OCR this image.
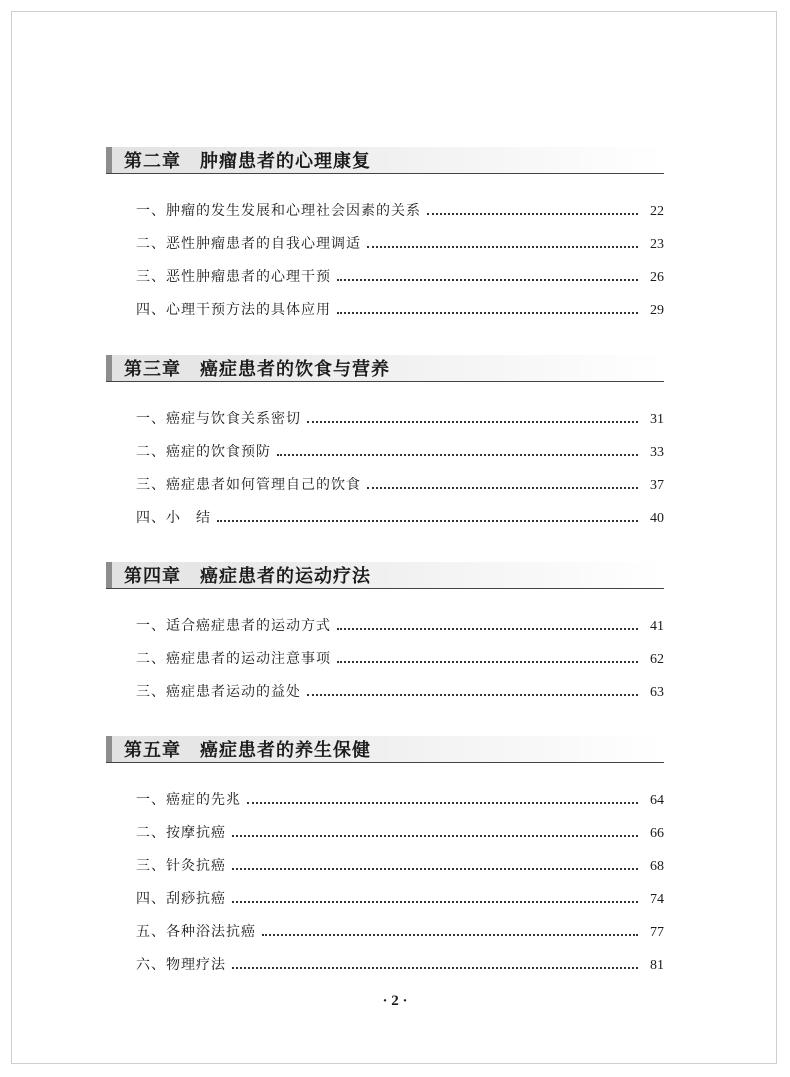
第二章　肿瘤患者的心理康复
一、肿瘤的发生发展和心理社会因素的关系	22
二、恶性肿瘤患者的自我心理调适	23
三、恶性肿瘤患者的心理干预	26
四、心理干预方法的具体应用	29
第三章　癌症患者的饮食与营养
一、癌症与饮食关系密切	31
二、癌症的饮食预防	33
三、癌症患者如何管理自己的饮食	37
四、小　结	40
第四章　癌症患者的运动疗法
一、适合癌症患者的运动方式	41
二、癌症患者的运动注意事项	62
三、癌症患者运动的益处	63
第五章　癌症患者的养生保健
一、癌症的先兆	64
二、按摩抗癌	66
三、针灸抗癌	68
四、刮痧抗癌	74
五、各种浴法抗癌	77
六、物理疗法	81
· 2 ·
